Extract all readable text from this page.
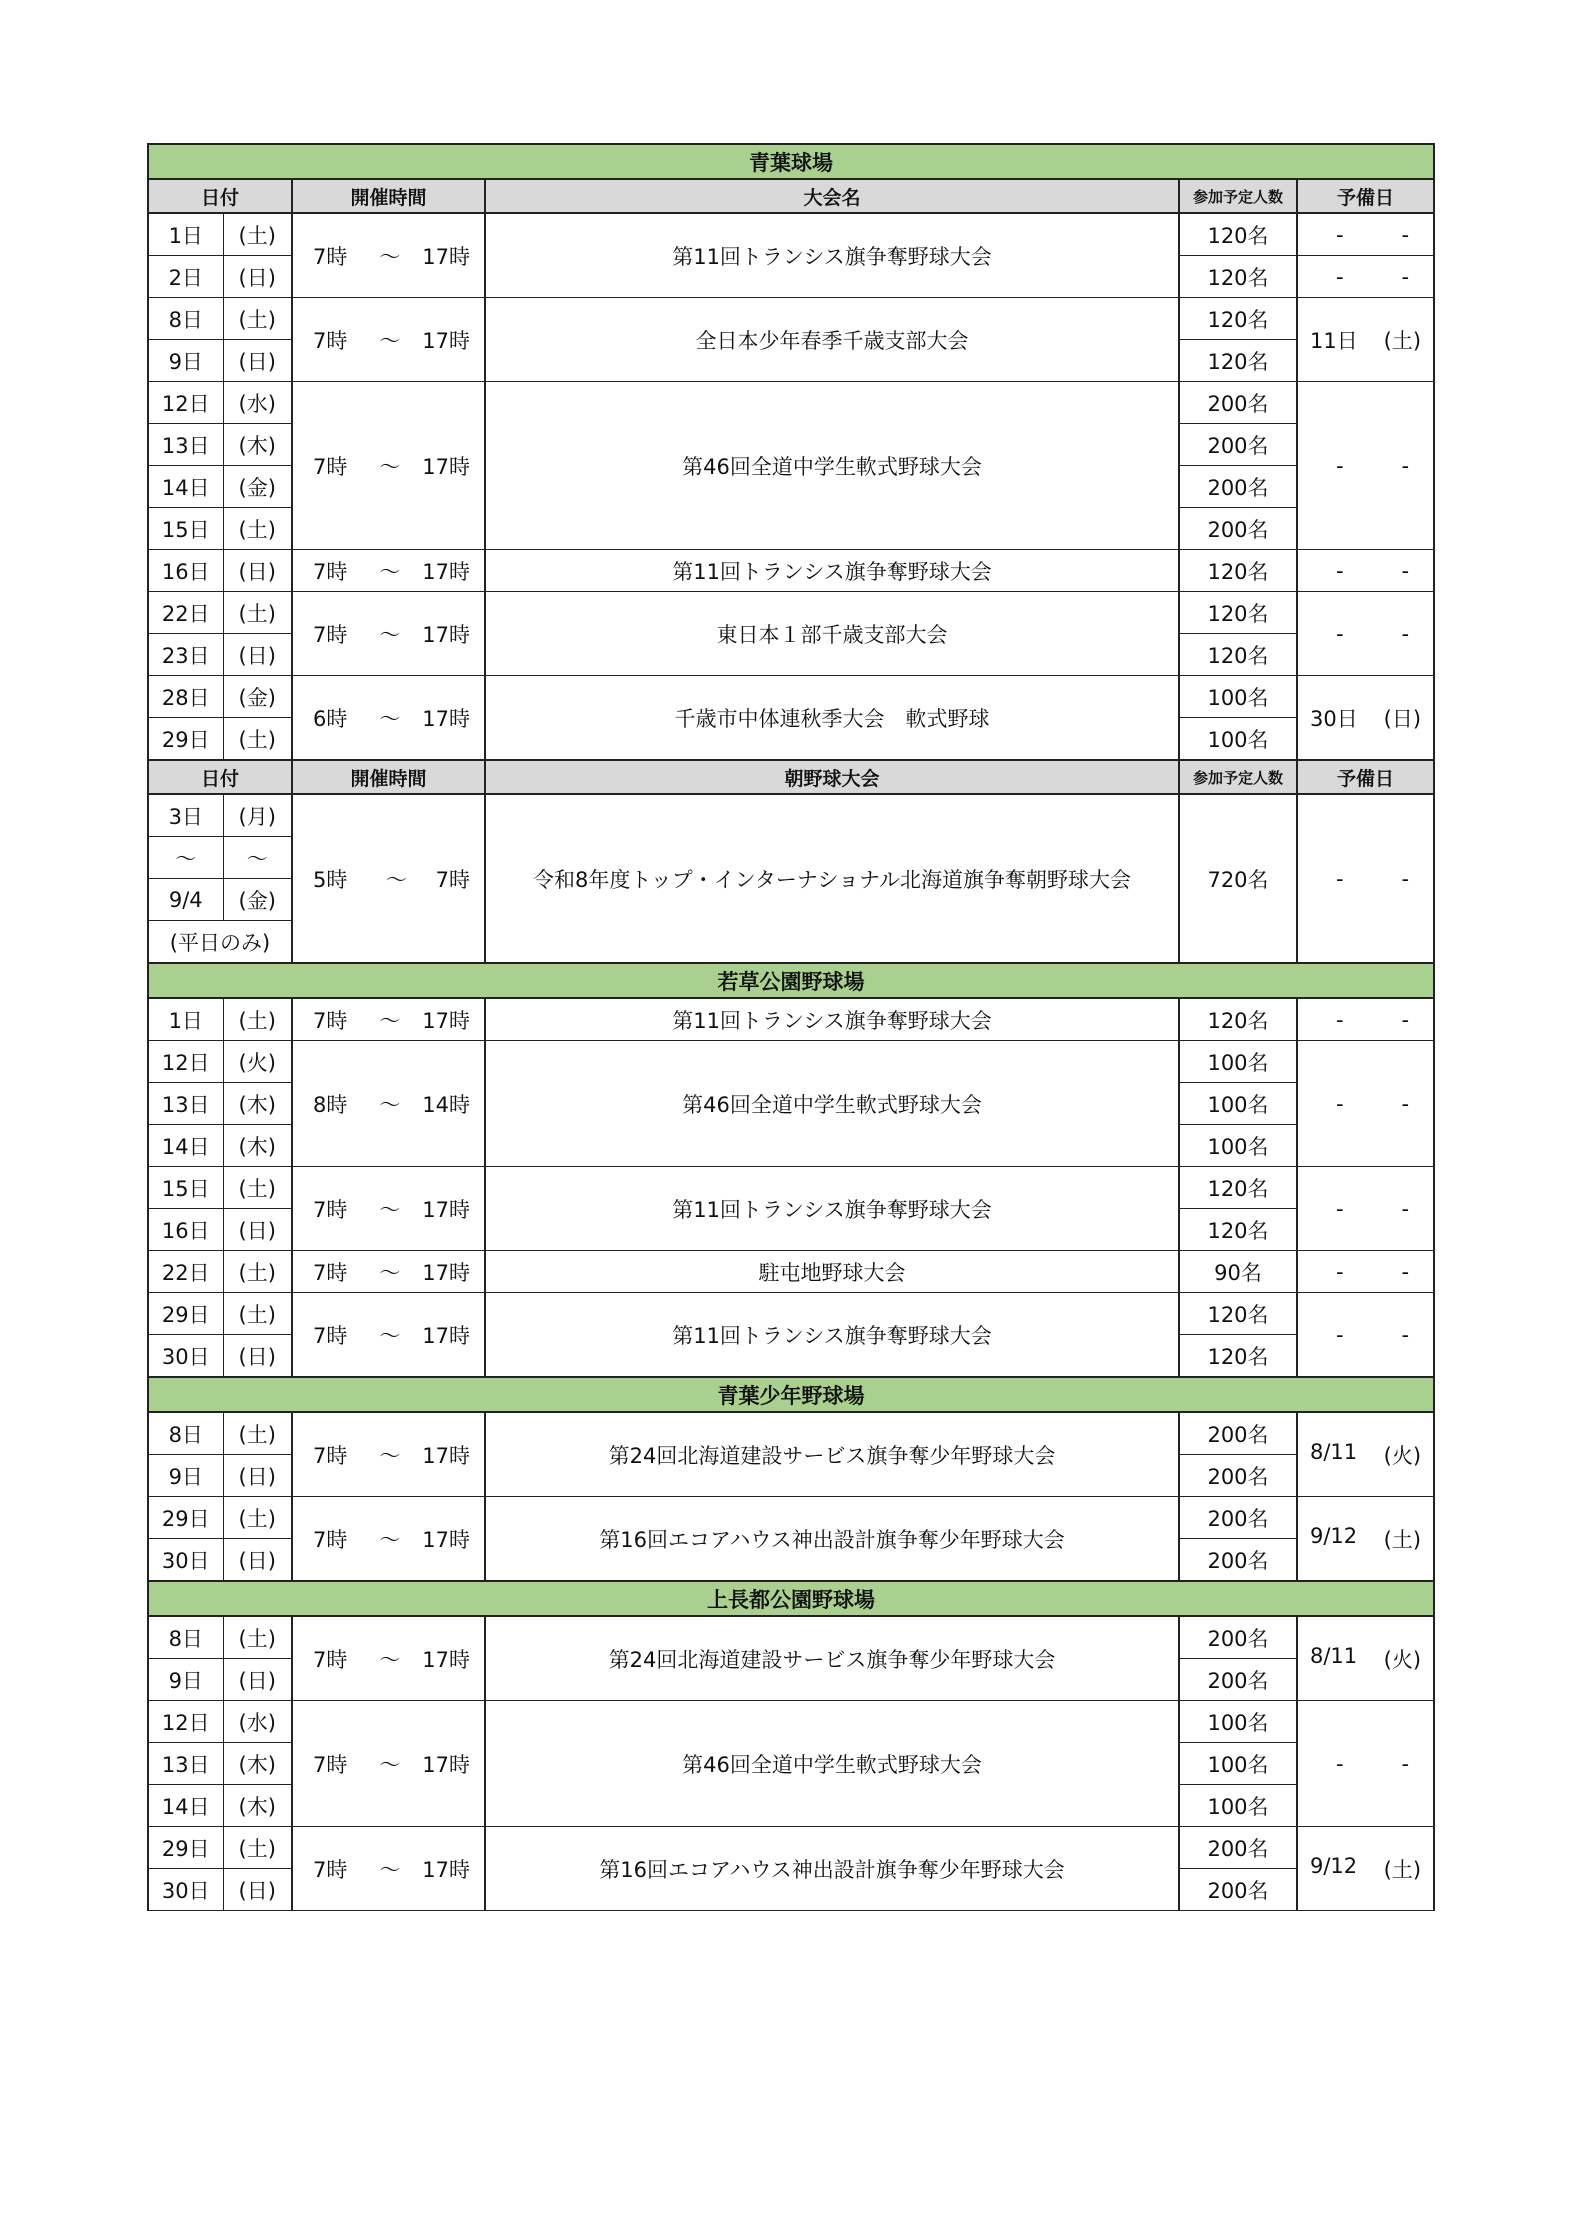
青葉球場					
日付		開催時間	大会名	参加予定人数	予備日
1日	(土)	7時 ～ 17時	第11回トランシス旗争奪野球大会	120名	- -

2日	(日)			120名	- -

8日	(土)	7時 ～ 17時	全日本少年春季千歳支部大会	120名	11日 (土)

9日	(日)			120名	
12日	(水)	7時 ～ 17時	第46回全道中学生軟式野球大会	200名	- -

13日	(木)			200名	
14日	(金)			200名	
15日	(土)			200名	
16日	(日)	7時 ～ 17時	第11回トランシス旗争奪野球大会	120名	- -

22日	(土)	7時 ～ 17時	東日本１部千歳支部大会	120名	- -

23日	(日)			120名	
28日	(金)	6時 ～ 17時	千歳市中体連秋季大会　軟式野球	100名	30日 (日)

29日	(土)			100名	
日付		開催時間	朝野球大会	参加予定人数	予備日
3日	(月)	5時 ～ 7時	令和8年度トップ・インターナショナル北海道旗争奪朝野球大会	720名	- -

～	～				
9/4	(金)				
(平日のみ)					
若草公園野球場					
1日	(土)	7時 ～ 17時	第11回トランシス旗争奪野球大会	120名	- -

12日	(火)	8時 ～ 14時	第46回全道中学生軟式野球大会	100名	- -

13日	(木)			100名	
14日	(木)			100名	
15日	(土)	7時 ～ 17時	第11回トランシス旗争奪野球大会	120名	- -

16日	(日)			120名	
22日	(土)	7時 ～ 17時	駐屯地野球大会	90名	- -

29日	(土)	7時 ～ 17時	第11回トランシス旗争奪野球大会	120名	- -

30日	(日)			120名	
青葉少年野球場					
8日	(土)	7時 ～ 17時	第24回北海道建設サービス旗争奪少年野球大会	200名	8/11 (火)

9日	(日)			200名	
29日	(土)	7時 ～ 17時	第16回エコアハウス神出設計旗争奪少年野球大会	200名	9/12 (土)

30日	(日)			200名	
上長都公園野球場					
8日	(土)	7時 ～ 17時	第24回北海道建設サービス旗争奪少年野球大会	200名	8/11 (火)

9日	(日)			200名	
12日	(水)	7時 ～ 17時	第46回全道中学生軟式野球大会	100名	- -

13日	(木)			100名	
14日	(木)			100名	
29日	(土)	7時 ～ 17時	第16回エコアハウス神出設計旗争奪少年野球大会	200名	9/12 (土)

30日	(日)			200名	
